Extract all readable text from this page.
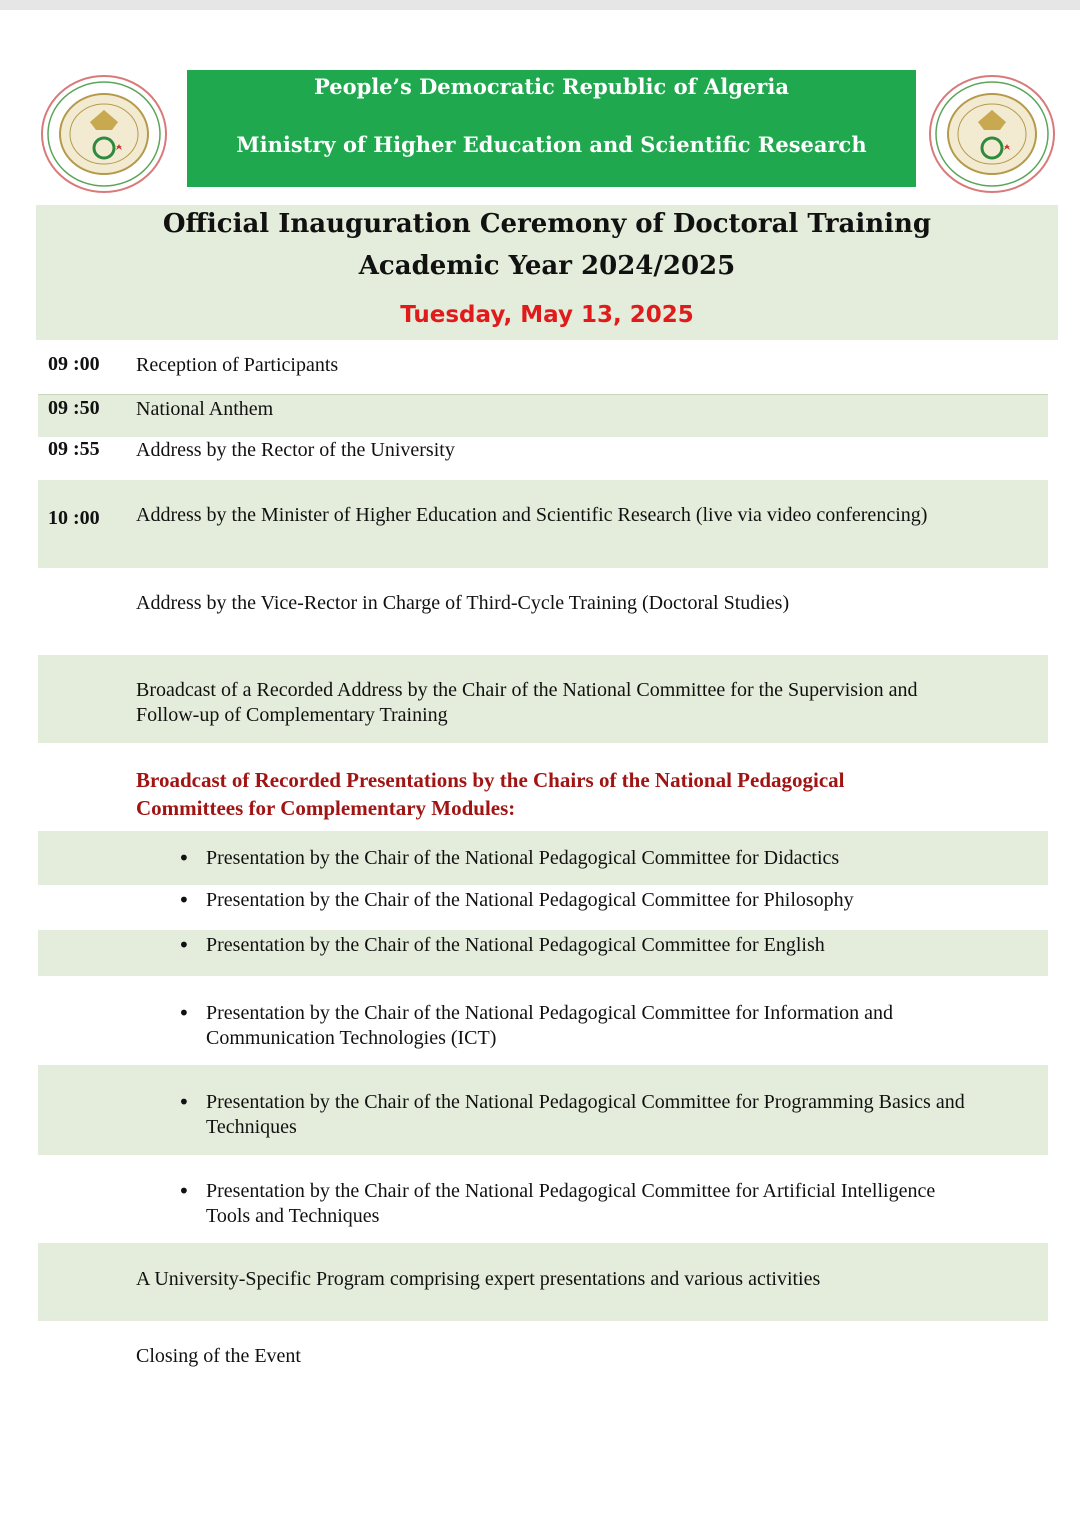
People’s Democratic Republic of Algeria
Ministry of Higher Education and Scientific Research
Official Inauguration Ceremony of Doctoral Training
Academic Year 2024/2025
Tuesday, May 13, 2025
09 :00 Reception of Participants
09 :50 National Anthem
09 :55 Address by the Rector of the University
10 :00 Address by the Minister of Higher Education and Scientific Research (live via video conferencing)
Address by the Vice-Rector in Charge of Third-Cycle Training (Doctoral Studies)
Broadcast of a Recorded Address by the Chair of the National Committee for the Supervision and
Follow-up of Complementary Training
Broadcast of Recorded Presentations by the Chairs of the National Pedagogical
Committees for Complementary Modules:
• Presentation by the Chair of the National Pedagogical Committee for Didactics
• Presentation by the Chair of the National Pedagogical Committee for Philosophy
• Presentation by the Chair of the National Pedagogical Committee for English
• Presentation by the Chair of the National Pedagogical Committee for Information and
Communication Technologies (ICT)
• Presentation by the Chair of the National Pedagogical Committee for Programming Basics and
Techniques
• Presentation by the Chair of the National Pedagogical Committee for Artificial Intelligence
Tools and Techniques
A University-Specific Program comprising expert presentations and various activities
Closing of the Event
